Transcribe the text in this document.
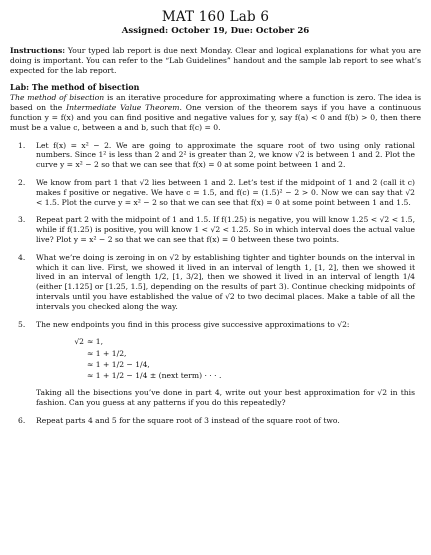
MAT 160 Lab 6
Assigned: October 19, Due: October 26

Instructions: Your typed lab report is due next Monday. Clear and logical explanations for what you are doing is important. You can refer to the “Lab Guidelines” handout and the sample lab report to see what’s expected for the lab report.

Lab: The method of bisection

The method of bisection is an iterative procedure for approximating where a function is zero. The idea is based on the Intermediate Value Theorem. One version of the theorem says if you have a continuous function y = f(x) and you can find positive and negative values for y, say f(a) < 0 and f(b) > 0, then there must be a value c, between a and b, such that f(c) = 0.

1. Let f(x) = x² − 2. We are going to approximate the square root of two using only rational numbers. Since 1² is less than 2 and 2² is greater than 2, we know √2 is between 1 and 2. Plot the curve y = x² − 2 so that we can see that f(x) = 0 at some point between 1 and 2.

2. We know from part 1 that √2 lies between 1 and 2. Let’s test if the midpoint of 1 and 2 (call it c) makes f positive or negative. We have c = 1.5, and f(c) = (1.5)² − 2 > 0. Now we can say that √2 < 1.5. Plot the curve y = x² − 2 so that we can see that f(x) = 0 at some point between 1 and 1.5.

3. Repeat part 2 with the midpoint of 1 and 1.5. If f(1.25) is negative, you will know 1.25 < √2 < 1.5, while if f(1.25) is positive, you will know 1 < √2 < 1.25. So in which interval does the actual value live? Plot y = x² − 2 so that we can see that f(x) = 0 between these two points.

4. What we’re doing is zeroing in on √2 by establishing tighter and tighter bounds on the interval in which it can live. First, we showed it lived in an interval of length 1, [1, 2], then we showed it lived in an interval of length 1/2, [1, 3/2], then we showed it lived in an interval of length 1/4 (either [1.125] or [1.25, 1.5], depending on the results of part 3). Continue checking midpoints of intervals until you have established the value of √2 to two decimal places. Make a table of all the intervals you checked along the way.

5. The new endpoints you find in this process give successive approximations to √2:

√2 ≈ 1,
≈ 1 + 1/2,
≈ 1 + 1/2 − 1/4,
≈ 1 + 1/2 − 1/4 ± (next term) · · · .

Taking all the bisections you’ve done in part 4, write out your best approximation for √2 in this fashion. Can you guess at any patterns if you do this repeatedly?

6. Repeat parts 4 and 5 for the square root of 3 instead of the square root of two.
